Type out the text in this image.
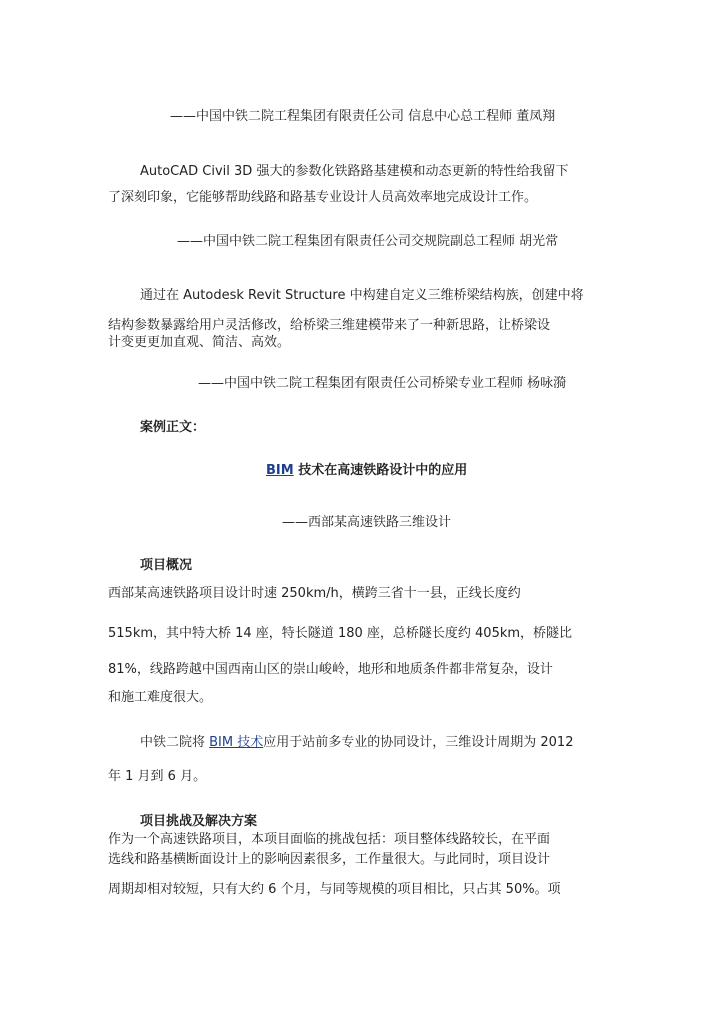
——中国中铁二院工程集团有限责任公司 信息中心总工程师 董凤翔
AutoCAD Civil 3D 强大的参数化铁路路基建模和动态更新的特性给我留下
了深刻印象，它能够帮助线路和路基专业设计人员高效率地完成设计工作。
——中国中铁二院工程集团有限责任公司交规院副总工程师 胡光常
通过在 Autodesk Revit Structure 中构建自定义三维桥梁结构族，创建中将
结构参数暴露给用户灵活修改，给桥梁三维建模带来了一种新思路，让桥梁设
计变更更加直观、简洁、高效。
——中国中铁二院工程集团有限责任公司桥梁专业工程师 杨咏漪
案例正文：
BIM 技术在高速铁路设计中的应用
——西部某高速铁路三维设计
项目概况
西部某高速铁路项目设计时速 250km/h，横跨三省十一县，正线长度约
515km，其中特大桥 14 座，特长隧道 180 座，总桥隧长度约 405km，桥隧比
81%，线路跨越中国西南山区的崇山峻岭，地形和地质条件都非常复杂，设计
和施工难度很大。
中铁二院将 BIM 技术应用于站前多专业的协同设计，三维设计周期为 2012
年 1 月到 6 月。
项目挑战及解决方案
作为一个高速铁路项目，本项目面临的挑战包括：项目整体线路较长，在平面
选线和路基横断面设计上的影响因素很多，工作量很大。与此同时，项目设计
周期却相对较短，只有大约 6 个月，与同等规模的项目相比，只占其 50%。项
